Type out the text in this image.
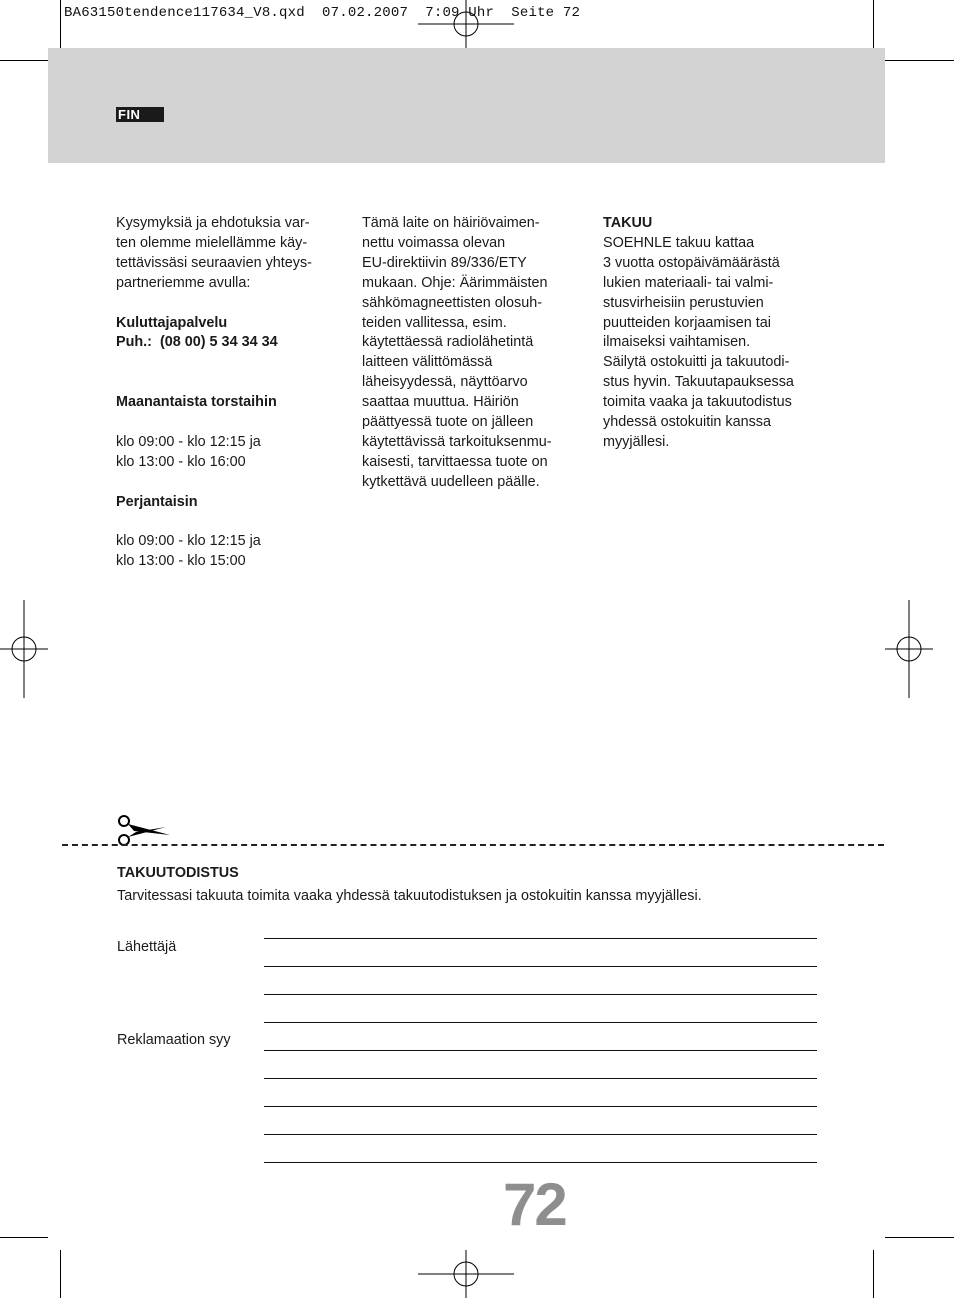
BA63150tendence117634_V8.qxd  07.02.2007  7:09 Uhr  Seite 72
FIN

Kysymyksiä ja ehdotuksia var-
ten olemme mielellämme käy-
tettävissäsi seuraavien yhteys-
partneriemme avulla:

Kuluttajapalvelu

Puh.:  (08 00) 5 34 34 34

Maanantaista torstaihin

klo 09:00 - klo 12:15 ja
klo 13:00 - klo 16:00

Perjantaisin

klo 09:00 - klo 12:15 ja
klo 13:00 - klo 15:00

Tämä laite on häiriövaimen-
nettu voimassa olevan
EU-direktiivin 89/336/ETY
mukaan. Ohje: Äärimmäisten
sähkömagneettisten olosuh-
teiden vallitessa, esim.
käytettäessä radiolähetintä
laitteen välittömässä
läheisyydessä, näyttöarvo
saattaa muuttua. Häiriön
päättyessä tuote on jälleen
käytettävissä tarkoituksenmu-
kaisesti, tarvittaessa tuote on
kytkettävä uudelleen päälle.

TAKUU

SOEHNLE takuu kattaa
3 vuotta ostopäivämäärästä
lukien materiaali- tai valmi-
stusvirheisiin perustuvien
puutteiden korjaamisen tai
ilmaiseksi vaihtamisen.
Säilytä ostokuitti ja takuutodi-
stus hyvin. Takuutapauksessa
toimita vaaka ja takuutodistus
yhdessä ostokuitin kanssa
myyjällesi.

TAKUUTODISTUS
Tarvitessasi takuuta toimita vaaka yhdessä takuutodistuksen ja ostokuitin kanssa myyjällesi.
Lähettäjä
Reklamaation syy
72
